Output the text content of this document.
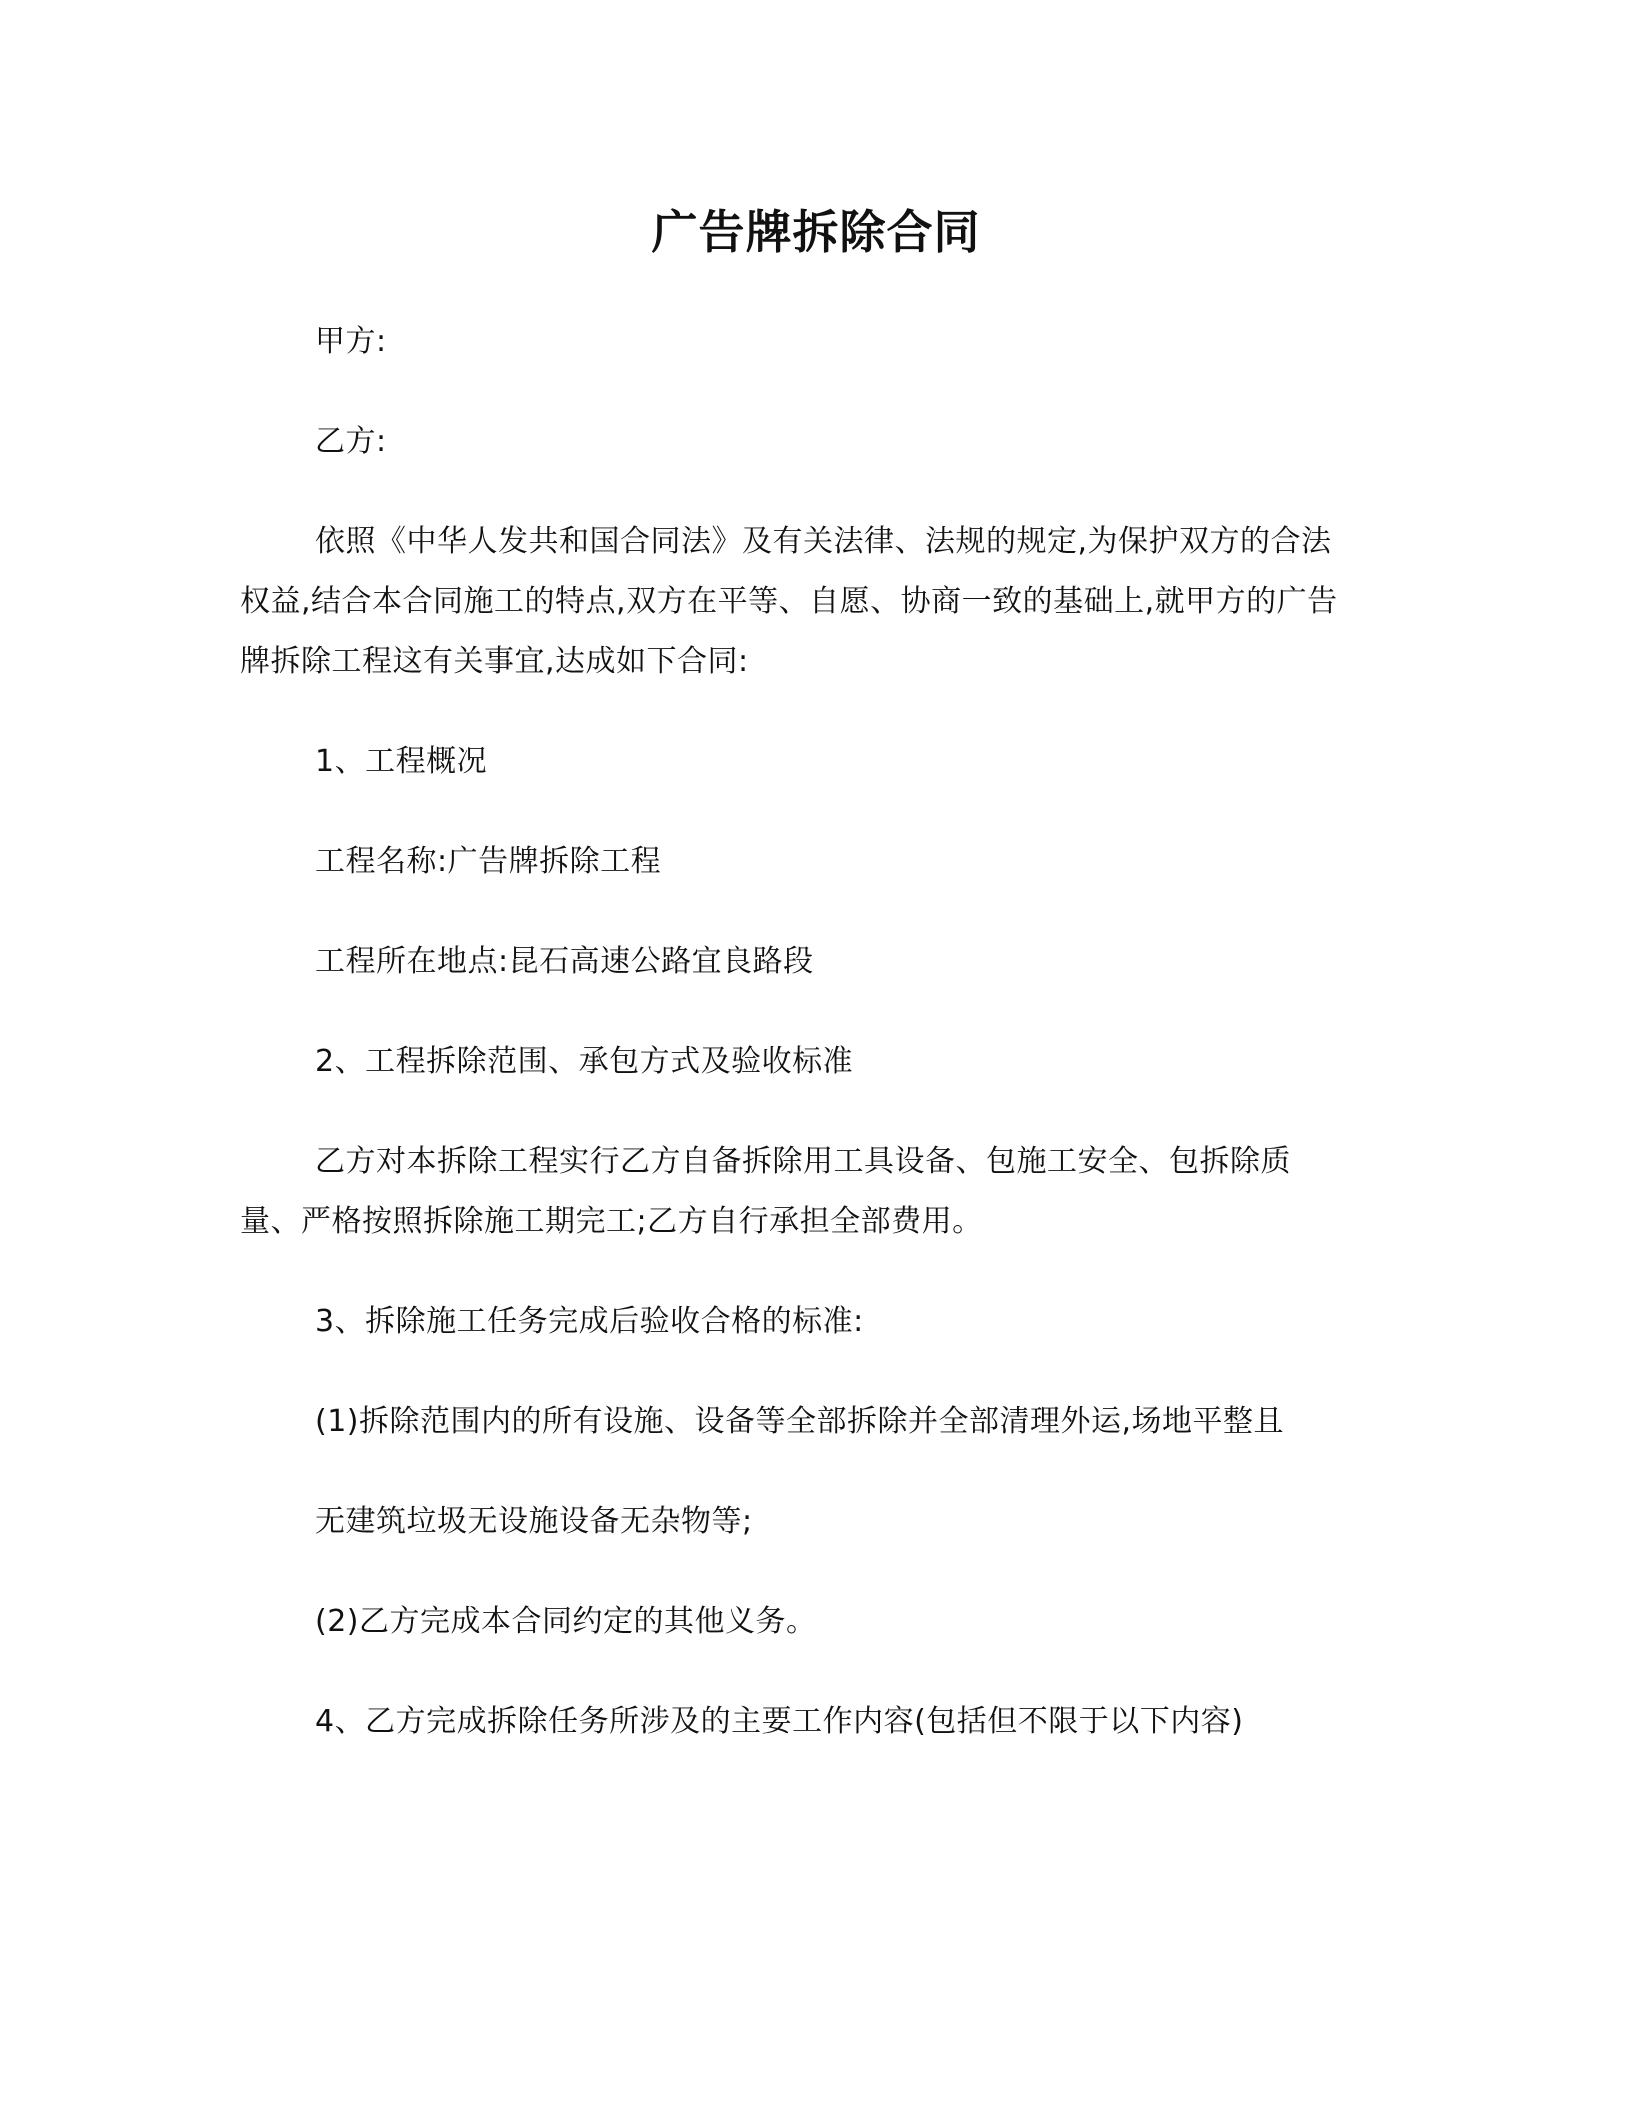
广告牌拆除合同
甲方:
乙方:
依照《中华人发共和国合同法》及有关法律、法规的规定,为保护双方的合法
权益,结合本合同施工的特点,双方在平等、自愿、协商一致的基础上,就甲方的广告
牌拆除工程这有关事宜,达成如下合同:
1、工程概况
工程名称:广告牌拆除工程
工程所在地点:昆石高速公路宜良路段
2、工程拆除范围、承包方式及验收标准
乙方对本拆除工程实行乙方自备拆除用工具设备、包施工安全、包拆除质
量、严格按照拆除施工期完工;乙方自行承担全部费用。
3、拆除施工任务完成后验收合格的标准:
(1)拆除范围内的所有设施、设备等全部拆除并全部清理外运,场地平整且
无建筑垃圾无设施设备无杂物等;
(2)乙方完成本合同约定的其他义务。
4、乙方完成拆除任务所涉及的主要工作内容(包括但不限于以下内容)
